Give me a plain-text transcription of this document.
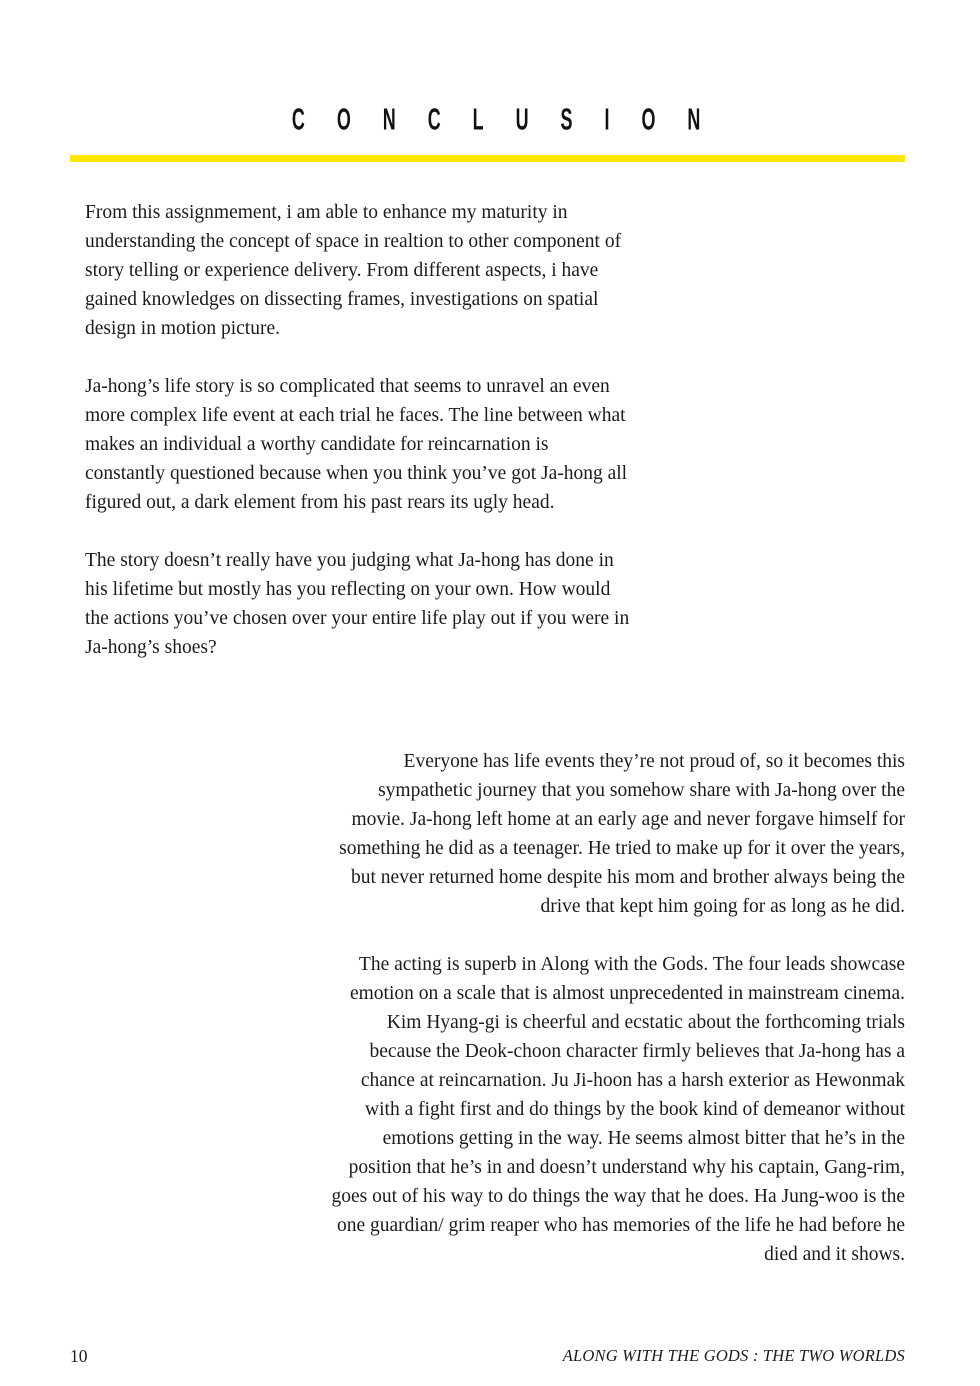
CONCLUSION

From this assignmement, i am able to enhance my maturity in understanding the concept of space in realtion to other component of story telling or experience delivery. From different aspects, i have gained knowledges on dissecting frames, investigations on spatial design in motion picture.

Ja-hong’s life story is so complicated that seems to unravel an even more complex life event at each trial he faces. The line between what makes an individual a worthy candidate for reincarnation is constantly questioned because when you think you’ve got Ja-hong all figured out, a dark element from his past rears its ugly head.

The story doesn’t really have you judging what Ja-hong has done in his lifetime but mostly has you reflecting on your own. How would the actions you’ve chosen over your entire life play out if you were in Ja-hong’s shoes?

Everyone has life events they’re not proud of, so it becomes this sympathetic journey that you somehow share with Ja-hong over the movie. Ja-hong left home at an early age and never forgave himself for something he did as a teenager. He tried to make up for it over the years, but never returned home despite his mom and brother always being the drive that kept him going for as long as he did.

The acting is superb in Along with the Gods. The four leads showcase emotion on a scale that is almost unprecedented in mainstream cinema. Kim Hyang-gi is cheerful and ecstatic about the forthcoming trials because the Deok-choon character firmly believes that Ja-hong has a chance at reincarnation. Ju Ji-hoon has a harsh exterior as Hewonmak with a fight first and do things by the book kind of demeanor without emotions getting in the way. He seems almost bitter that he’s in the position that he’s in and doesn’t understand why his captain, Gang-rim, goes out of his way to do things the way that he does. Ha Jung-woo is the one guardian/ grim reaper who has memories of the life he had before he died and it shows.

10	ALONG WITH THE GODS : THE TWO WORLDS
